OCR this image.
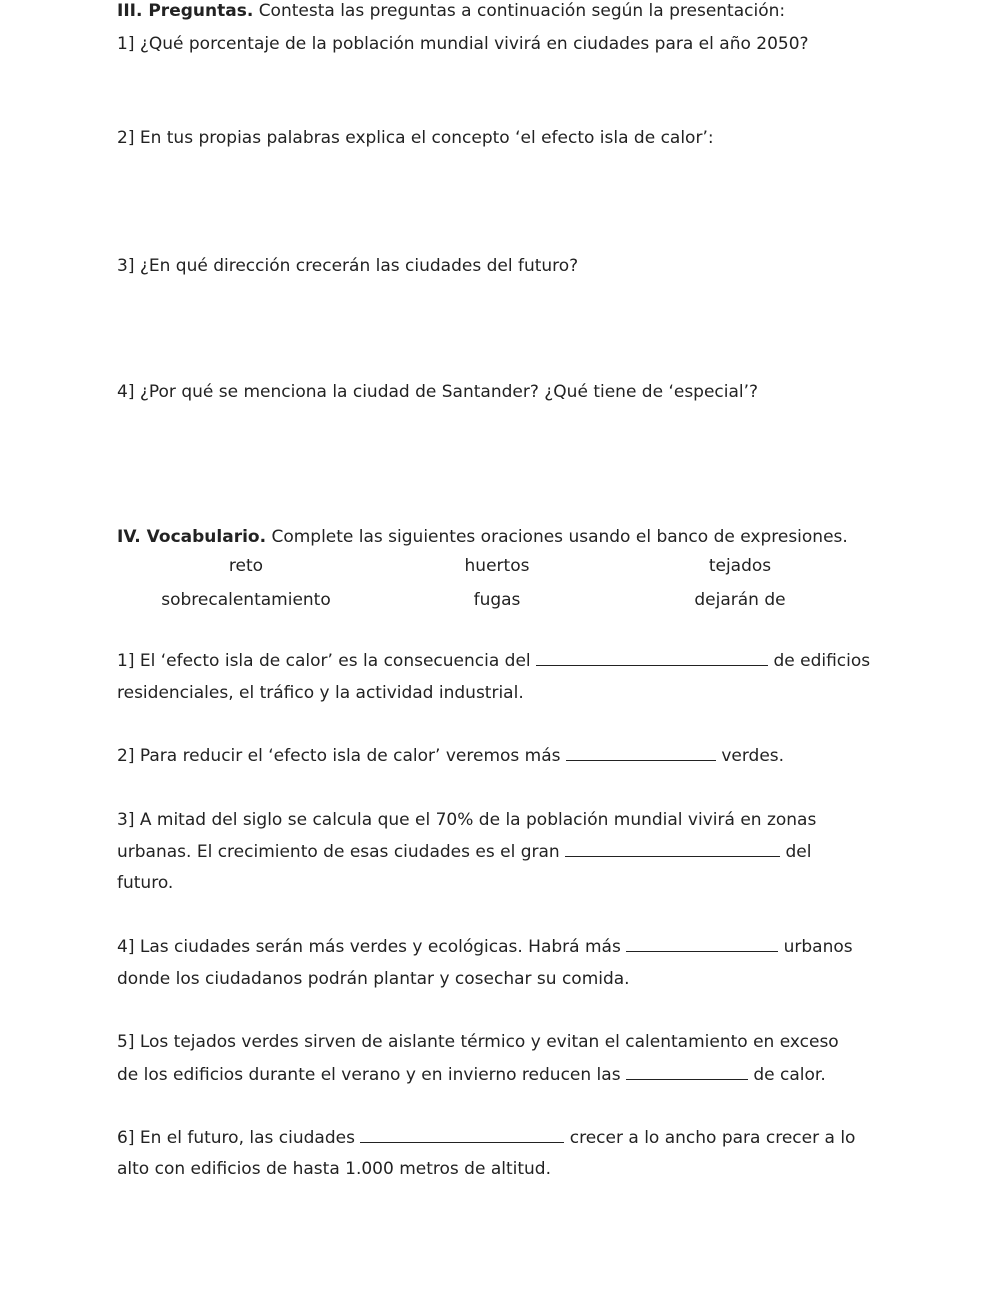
III. Preguntas. Contesta las preguntas a continuación según la presentación:
1] ¿Qué porcentaje de la población mundial vivirá en ciudades para el año 2050?
2] En tus propias palabras explica el concepto ‘el efecto isla de calor’:
3] ¿En qué dirección crecerán las ciudades del futuro?
4] ¿Por qué se menciona la ciudad de Santander? ¿Qué tiene de ‘especial’?
IV. Vocabulario. Complete las siguientes oraciones usando el banco de expresiones.
reto	huertos	tejados
sobrecalentamiento	fugas	dejarán de
1] El ‘efecto isla de calor’ es la consecuencia del	de edificios
residenciales, el tráfico y la actividad industrial.
2] Para reducir el ‘efecto isla de calor’ veremos más	verdes.
3] A mitad del siglo se calcula que el 70% de la población mundial vivirá en zonas
urbanas. El crecimiento de esas ciudades es el gran	del
futuro.
4] Las ciudades serán más verdes y ecológicas. Habrá más	urbanos
donde los ciudadanos podrán plantar y cosechar su comida.
5] Los tejados verdes sirven de aislante térmico y evitan el calentamiento en exceso
de los edificios durante el verano y en invierno reducen las	de calor.
6] En el futuro, las ciudades	crecer a lo ancho para crecer a lo
alto con edificios de hasta 1.000 metros de altitud.
